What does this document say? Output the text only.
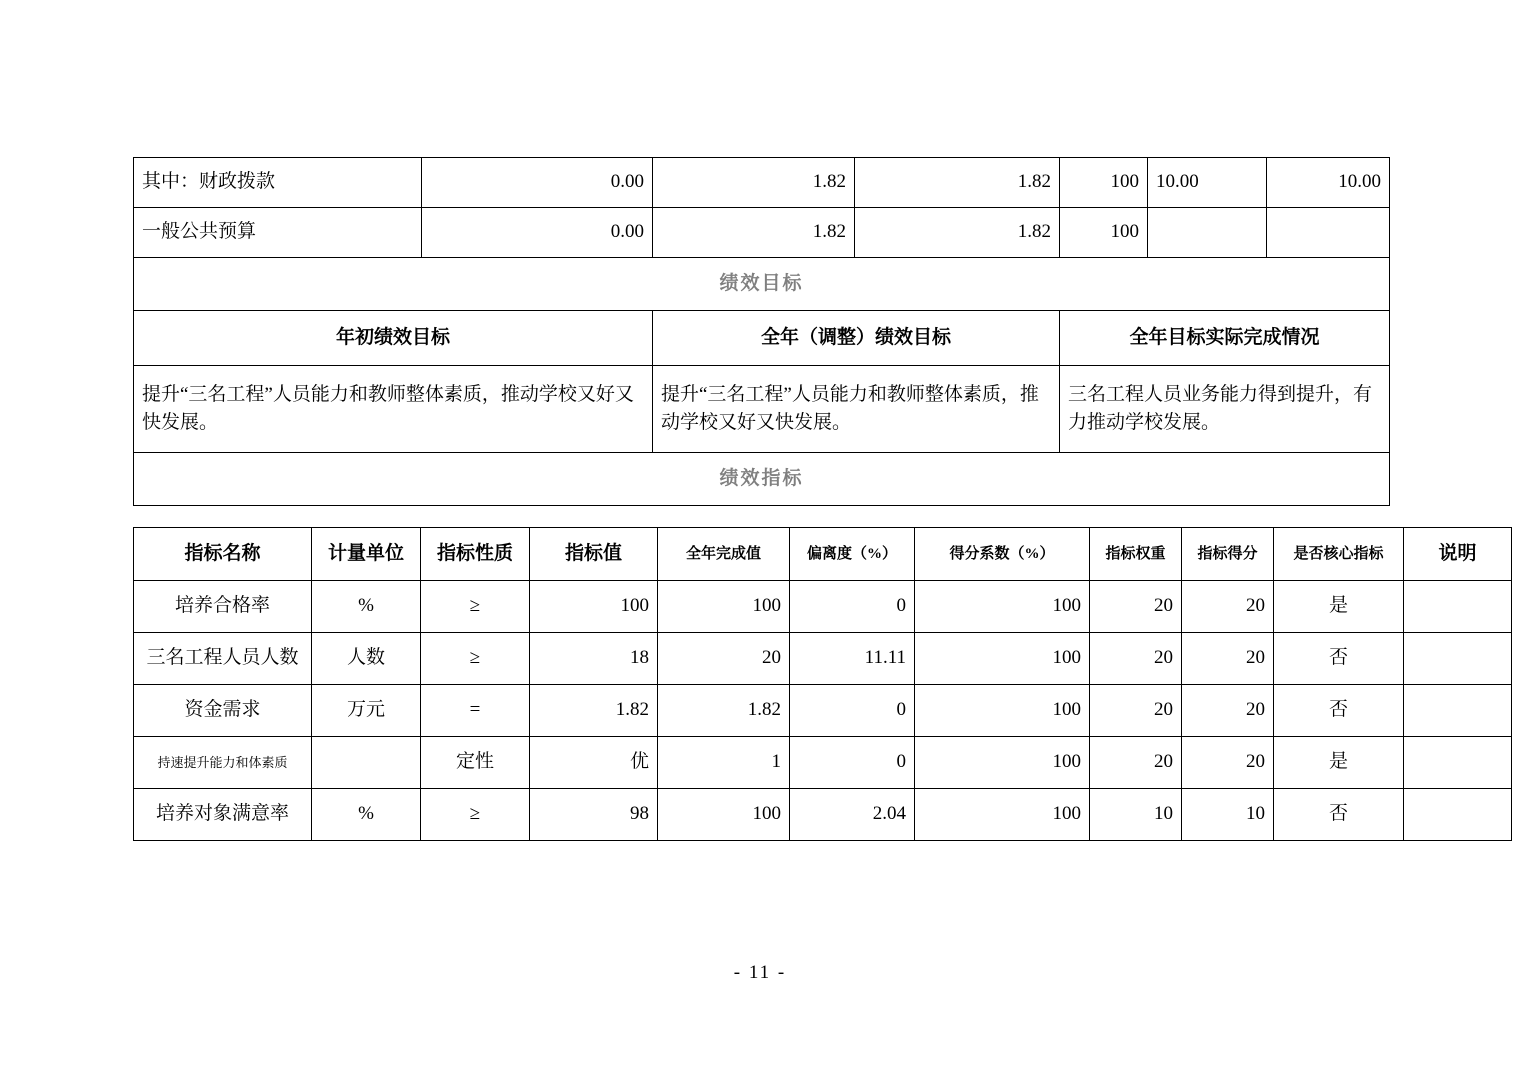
其中：财政拨款	0.00	1.82	1.82	100	10.00	10.00
一般公共预算	0.00	1.82	1.82	100		
绩效目标						
年初绩效目标		全年（调整）绩效目标		全年目标实际完成情况		
提升“三名工程”人员能力和教师整体素质，推动学校又好又快发展。		提升“三名工程”人员能力和教师整体素质，推动学校又好又快发展。		三名工程人员业务能力得到提升，有力推动学校发展。		
绩效指标						
指标名称	计量单位	指标性质	指标值	全年完成值	偏离度（%）	得分系数（%）	指标权重	指标得分	是否核心指标	说明
培养合格率	%	≥	100	100	0	100	20	20	是	
三名工程人员人数	人数	≥	18	20	11.11	100	20	20	否	
资金需求	万元	=	1.82	1.82	0	100	20	20	否	
持速提升能力和体素质		定性	优	1	0	100	20	20	是	
培养对象满意率	%	≥	98	100	2.04	100	10	10	否	
- 11 -
